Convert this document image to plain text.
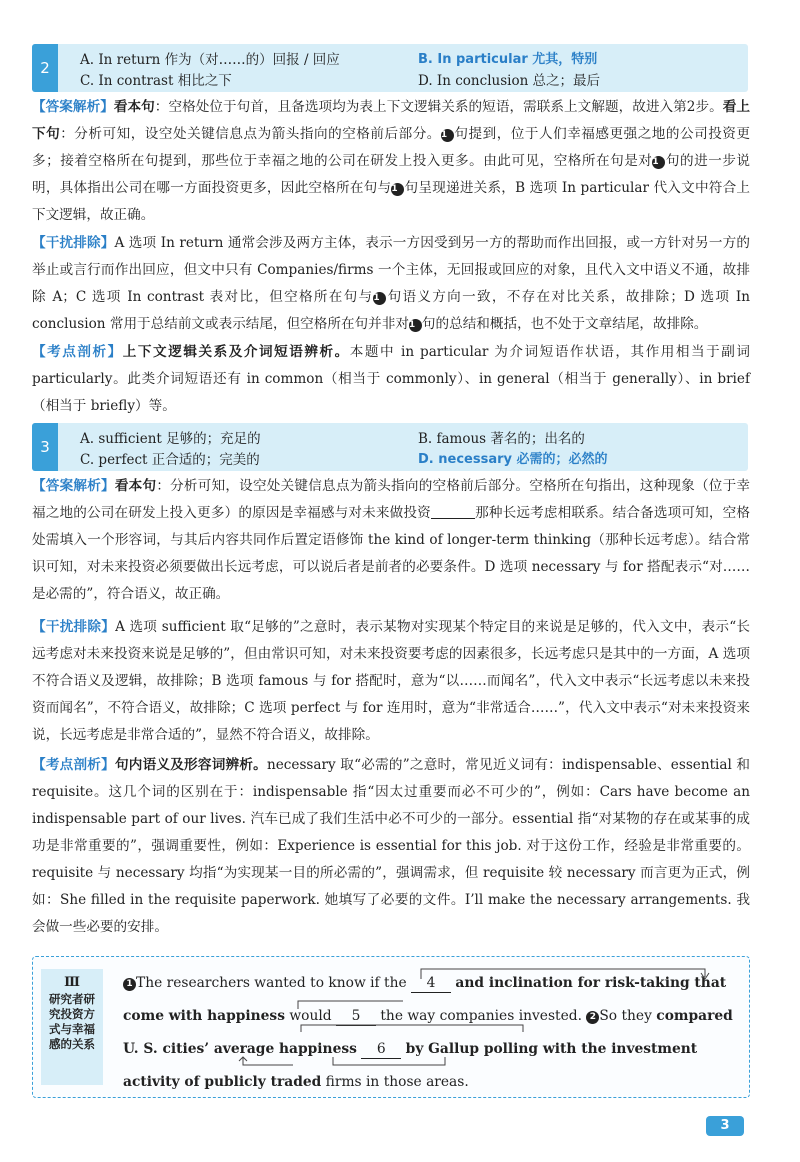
2	A. In return 作为（对……的）回报 / 回应	B. In particular 尤其，特别
C. In contrast 相比之下	D. In conclusion 总之；最后
【答案解析】看本句：空格处位于句首，且备选项均为表上下文逻辑关系的短语，需联系上文解题，故进入第2步。看上下句：分析可知，设空处关键信息点为箭头指向的空格前后部分。1 句提到，位于人们幸福感更强之地的公司投资更多；接着空格所在句提到，那些位于幸福之地的公司在研发上投入更多。由此可见，空格所在句是对1 句的进一步说明，具体指出公司在哪一方面投资更多，因此空格所在句与1 句呈现递进关系，B 选项 In particular 代入文中符合上下文逻辑，故正确。
【干扰排除】A 选项 In return 通常会涉及两方主体，表示一方因受到另一方的帮助而作出回报，或一方针对另一方的举止或言行而作出回应，但文中只有 Companies/firms 一个主体，无回报或回应的对象，且代入文中语义不通，故排除 A；C 选项 In contrast 表对比，但空格所在句与1 句语义方向一致，不存在对比关系，故排除；D 选项 In conclusion 常用于总结前文或表示结尾，但空格所在句并非对1 句的总结和概括，也不处于文章结尾，故排除。
【考点剖析】上下文逻辑关系及介词短语辨析。本题中 in particular 为介词短语作状语，其作用相当于副词 particularly。此类介词短语还有 in common（相当于 commonly）、in general（相当于 generally）、in brief（相当于 briefly）等。
3	A. sufficient 足够的；充足的	B. famous 著名的；出名的
C. perfect 正合适的；完美的	D. necessary 必需的；必然的
【答案解析】看本句：分析可知，设空处关键信息点为箭头指向的空格前后部分。空格所在句指出，这种现象（位于幸福之地的公司在研发上投入更多）的原因是幸福感与对未来做投资	那种长远考虑相联系。结合备选项可知，空格处需填入一个形容词，与其后内容共同作后置定语修饰 the kind of longer-term thinking（那种长远考虑）。结合常识可知，对未来投资必须要做出长远考虑，可以说后者是前者的必要条件。D 选项 necessary 与 for 搭配表示“对……是必需的”，符合语义，故正确。
【干扰排除】A 选项 sufficient 取“足够的”之意时，表示某物对实现某个特定目的来说是足够的，代入文中，表示“长远考虑对未来投资来说是足够的”，但由常识可知，对未来投资要考虑的因素很多，长远考虑只是其中的一方面，A 选项不符合语义及逻辑，故排除；B 选项 famous 与 for 搭配时，意为“以……而闻名”，代入文中表示“长远考虑以未来投资而闻名”，不符合语义，故排除；C 选项 perfect 与 for 连用时，意为“非常适合……”，代入文中表示“对未来投资来说，长远考虑是非常合适的”，显然不符合语义，故排除。
【考点剖析】句内语义及形容词辨析。necessary 取“必需的”之意时，常见近义词有：indispensable、essential 和 requisite。这几个词的区别在于：indispensable 指“因太过重要而必不可少的”，例如：Cars have become an indispensable part of our lives. 汽车已成了我们生活中必不可少的一部分。essential 指“对某物的存在或某事的成功是非常重要的”，强调重要性，例如：Experience is essential for this job. 对于这份工作，经验是非常重要的。requisite 与 necessary 均指“为实现某一目的所必需的”，强调需求，但 requisite 较 necessary 而言更为正式，例如：She filled in the requisite paperwork. 她填写了必要的文件。I’ll make the necessary arrangements. 我会做一些必要的安排。
Ⅲ
研究者研究投资方式与幸福感的关系
1 The researchers wanted to know if the 4 and inclination for risk-taking that come with happiness would 5 the way companies invested. 2 So they compared U. S. cities’ average happiness 6 by Gallup polling with the investment activity of publicly traded firms in those areas.
3
